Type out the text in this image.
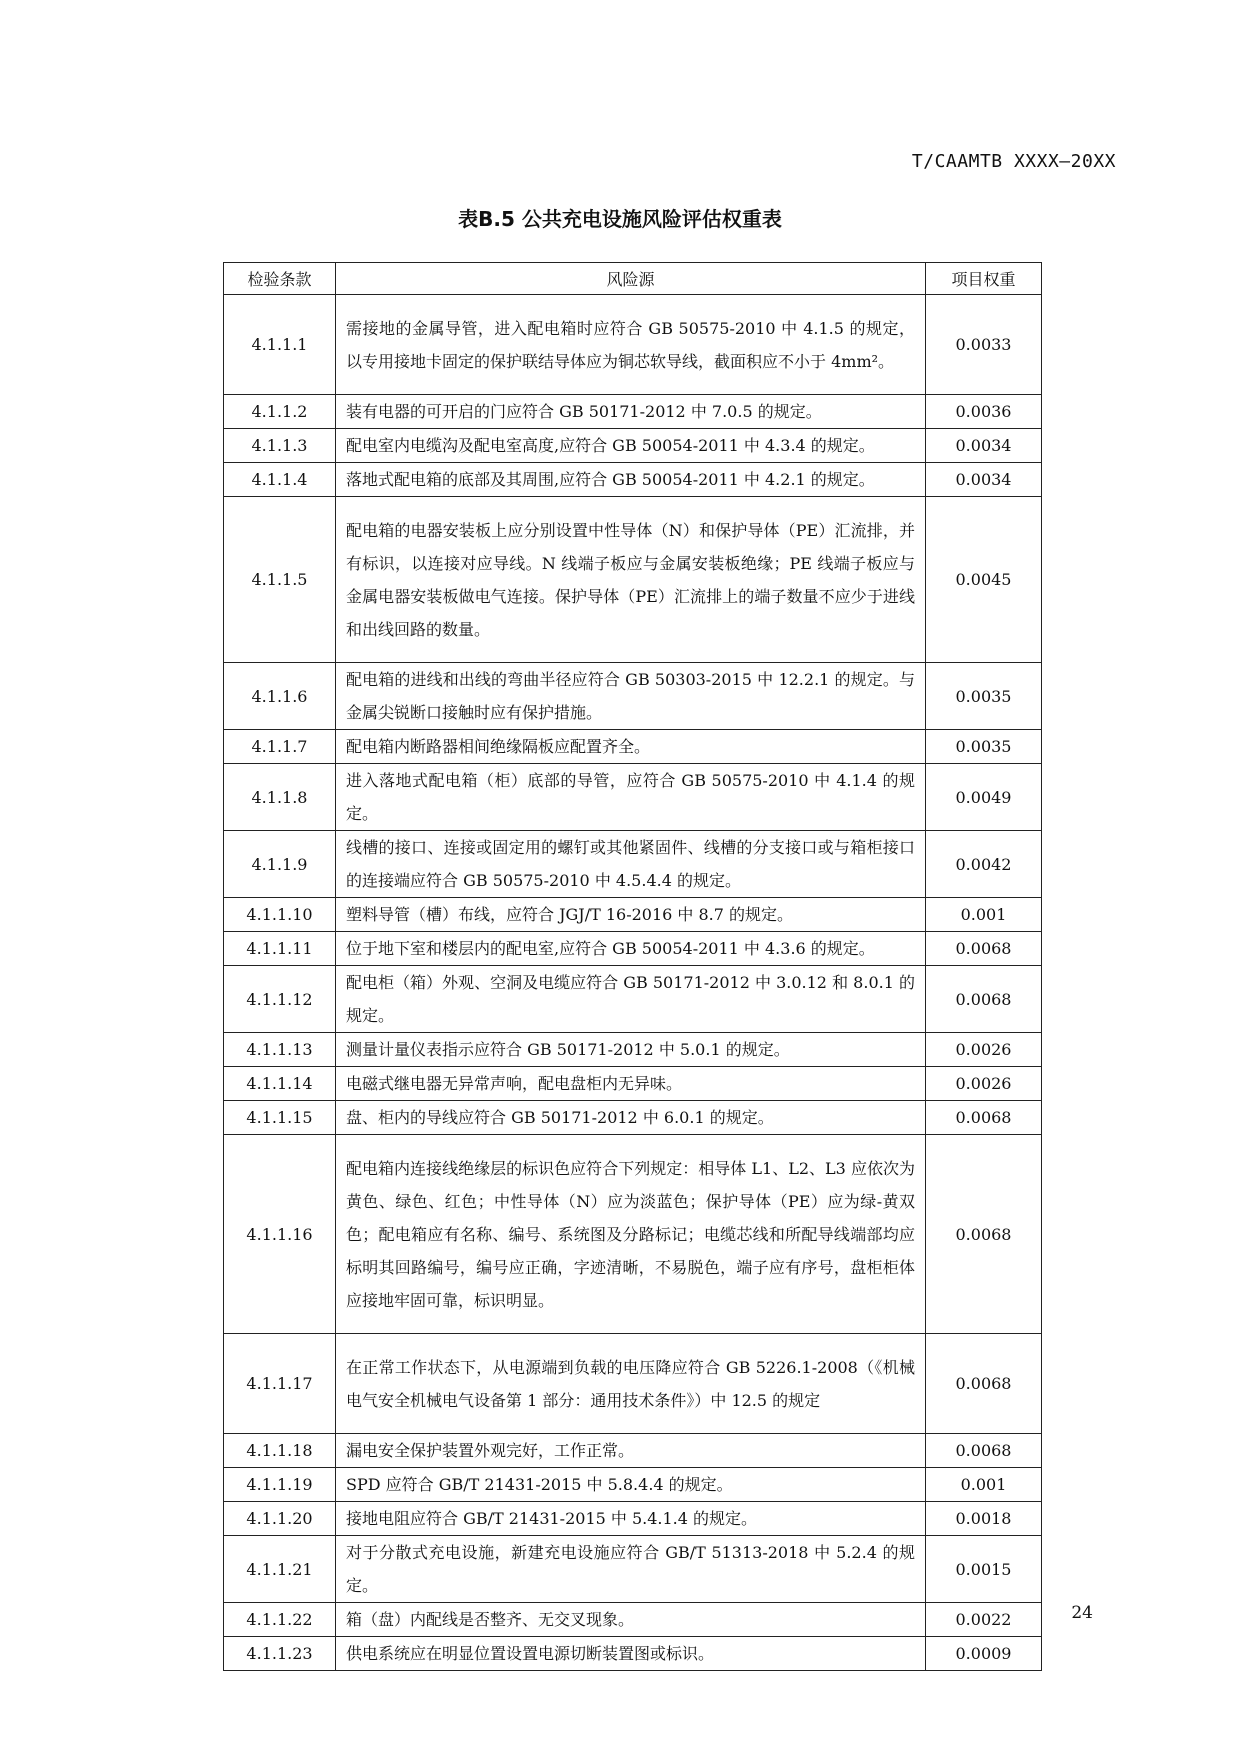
T/CAAMTB XXXX—20XX
表B.5 公共充电设施风险评估权重表
检验条款	风险源	项目权重
4.1.1.1	需接地的金属导管，进入配电箱时应符合 GB 50575-2010 中 4.1.5 的规定，以专用接地卡固定的保护联结导体应为铜芯软导线，截面积应不小于 4mm²。	0.0033
4.1.1.2	装有电器的可开启的门应符合 GB 50171-2012 中 7.0.5 的规定。	0.0036
4.1.1.3	配电室内电缆沟及配电室高度,应符合 GB 50054-2011 中 4.3.4 的规定。	0.0034
4.1.1.4	落地式配电箱的底部及其周围,应符合 GB 50054-2011 中 4.2.1 的规定。	0.0034
4.1.1.5	配电箱的电器安装板上应分别设置中性导体（N）和保护导体（PE）汇流排，并有标识，以连接对应导线。N 线端子板应与金属安装板绝缘；PE 线端子板应与金属电器安装板做电气连接。保护导体（PE）汇流排上的端子数量不应少于进线和出线回路的数量。	0.0045
4.1.1.6	配电箱的进线和出线的弯曲半径应符合 GB 50303-2015 中 12.2.1 的规定。与金属尖锐断口接触时应有保护措施。	0.0035
4.1.1.7	配电箱内断路器相间绝缘隔板应配置齐全。	0.0035
4.1.1.8	进入落地式配电箱（柜）底部的导管，应符合 GB 50575-2010 中 4.1.4 的规定。	0.0049
4.1.1.9	线槽的接口、连接或固定用的螺钉或其他紧固件、线槽的分支接口或与箱柜接口的连接端应符合 GB 50575-2010 中 4.5.4.4 的规定。	0.0042
4.1.1.10	塑料导管（槽）布线，应符合 JGJ/T 16-2016 中 8.7 的规定。	0.001
4.1.1.11	位于地下室和楼层内的配电室,应符合 GB 50054-2011 中 4.3.6 的规定。	0.0068
4.1.1.12	配电柜（箱）外观、空洞及电缆应符合 GB 50171-2012 中 3.0.12 和 8.0.1 的规定。	0.0068
4.1.1.13	测量计量仪表指示应符合 GB 50171-2012 中 5.0.1 的规定。	0.0026
4.1.1.14	电磁式继电器无异常声响，配电盘柜内无异味。	0.0026
4.1.1.15	盘、柜内的导线应符合 GB 50171-2012 中 6.0.1 的规定。	0.0068
4.1.1.16	配电箱内连接线绝缘层的标识色应符合下列规定：相导体 L1、L2、L3 应依次为黄色、绿色、红色；中性导体（N）应为淡蓝色；保护导体（PE）应为绿-黄双色；配电箱应有名称、编号、系统图及分路标记；电缆芯线和所配导线端部均应标明其回路编号，编号应正确，字迹清晰，不易脱色，端子应有序号，盘柜柜体应接地牢固可靠，标识明显。	0.0068
4.1.1.17	在正常工作状态下，从电源端到负载的电压降应符合 GB 5226.1-2008（《机械电气安全机械电气设备第 1 部分：通用技术条件》）中 12.5 的规定	0.0068
4.1.1.18	漏电安全保护装置外观完好，工作正常。	0.0068
4.1.1.19	SPD 应符合 GB/T 21431-2015 中 5.8.4.4 的规定。	0.001
4.1.1.20	接地电阻应符合 GB/T 21431-2015 中 5.4.1.4 的规定。	0.0018
4.1.1.21	对于分散式充电设施，新建充电设施应符合 GB/T 51313-2018 中 5.2.4 的规定。	0.0015
4.1.1.22	箱（盘）内配线是否整齐、无交叉现象。	0.0022
4.1.1.23	供电系统应在明显位置设置电源切断装置图或标识。	0.0009
24
